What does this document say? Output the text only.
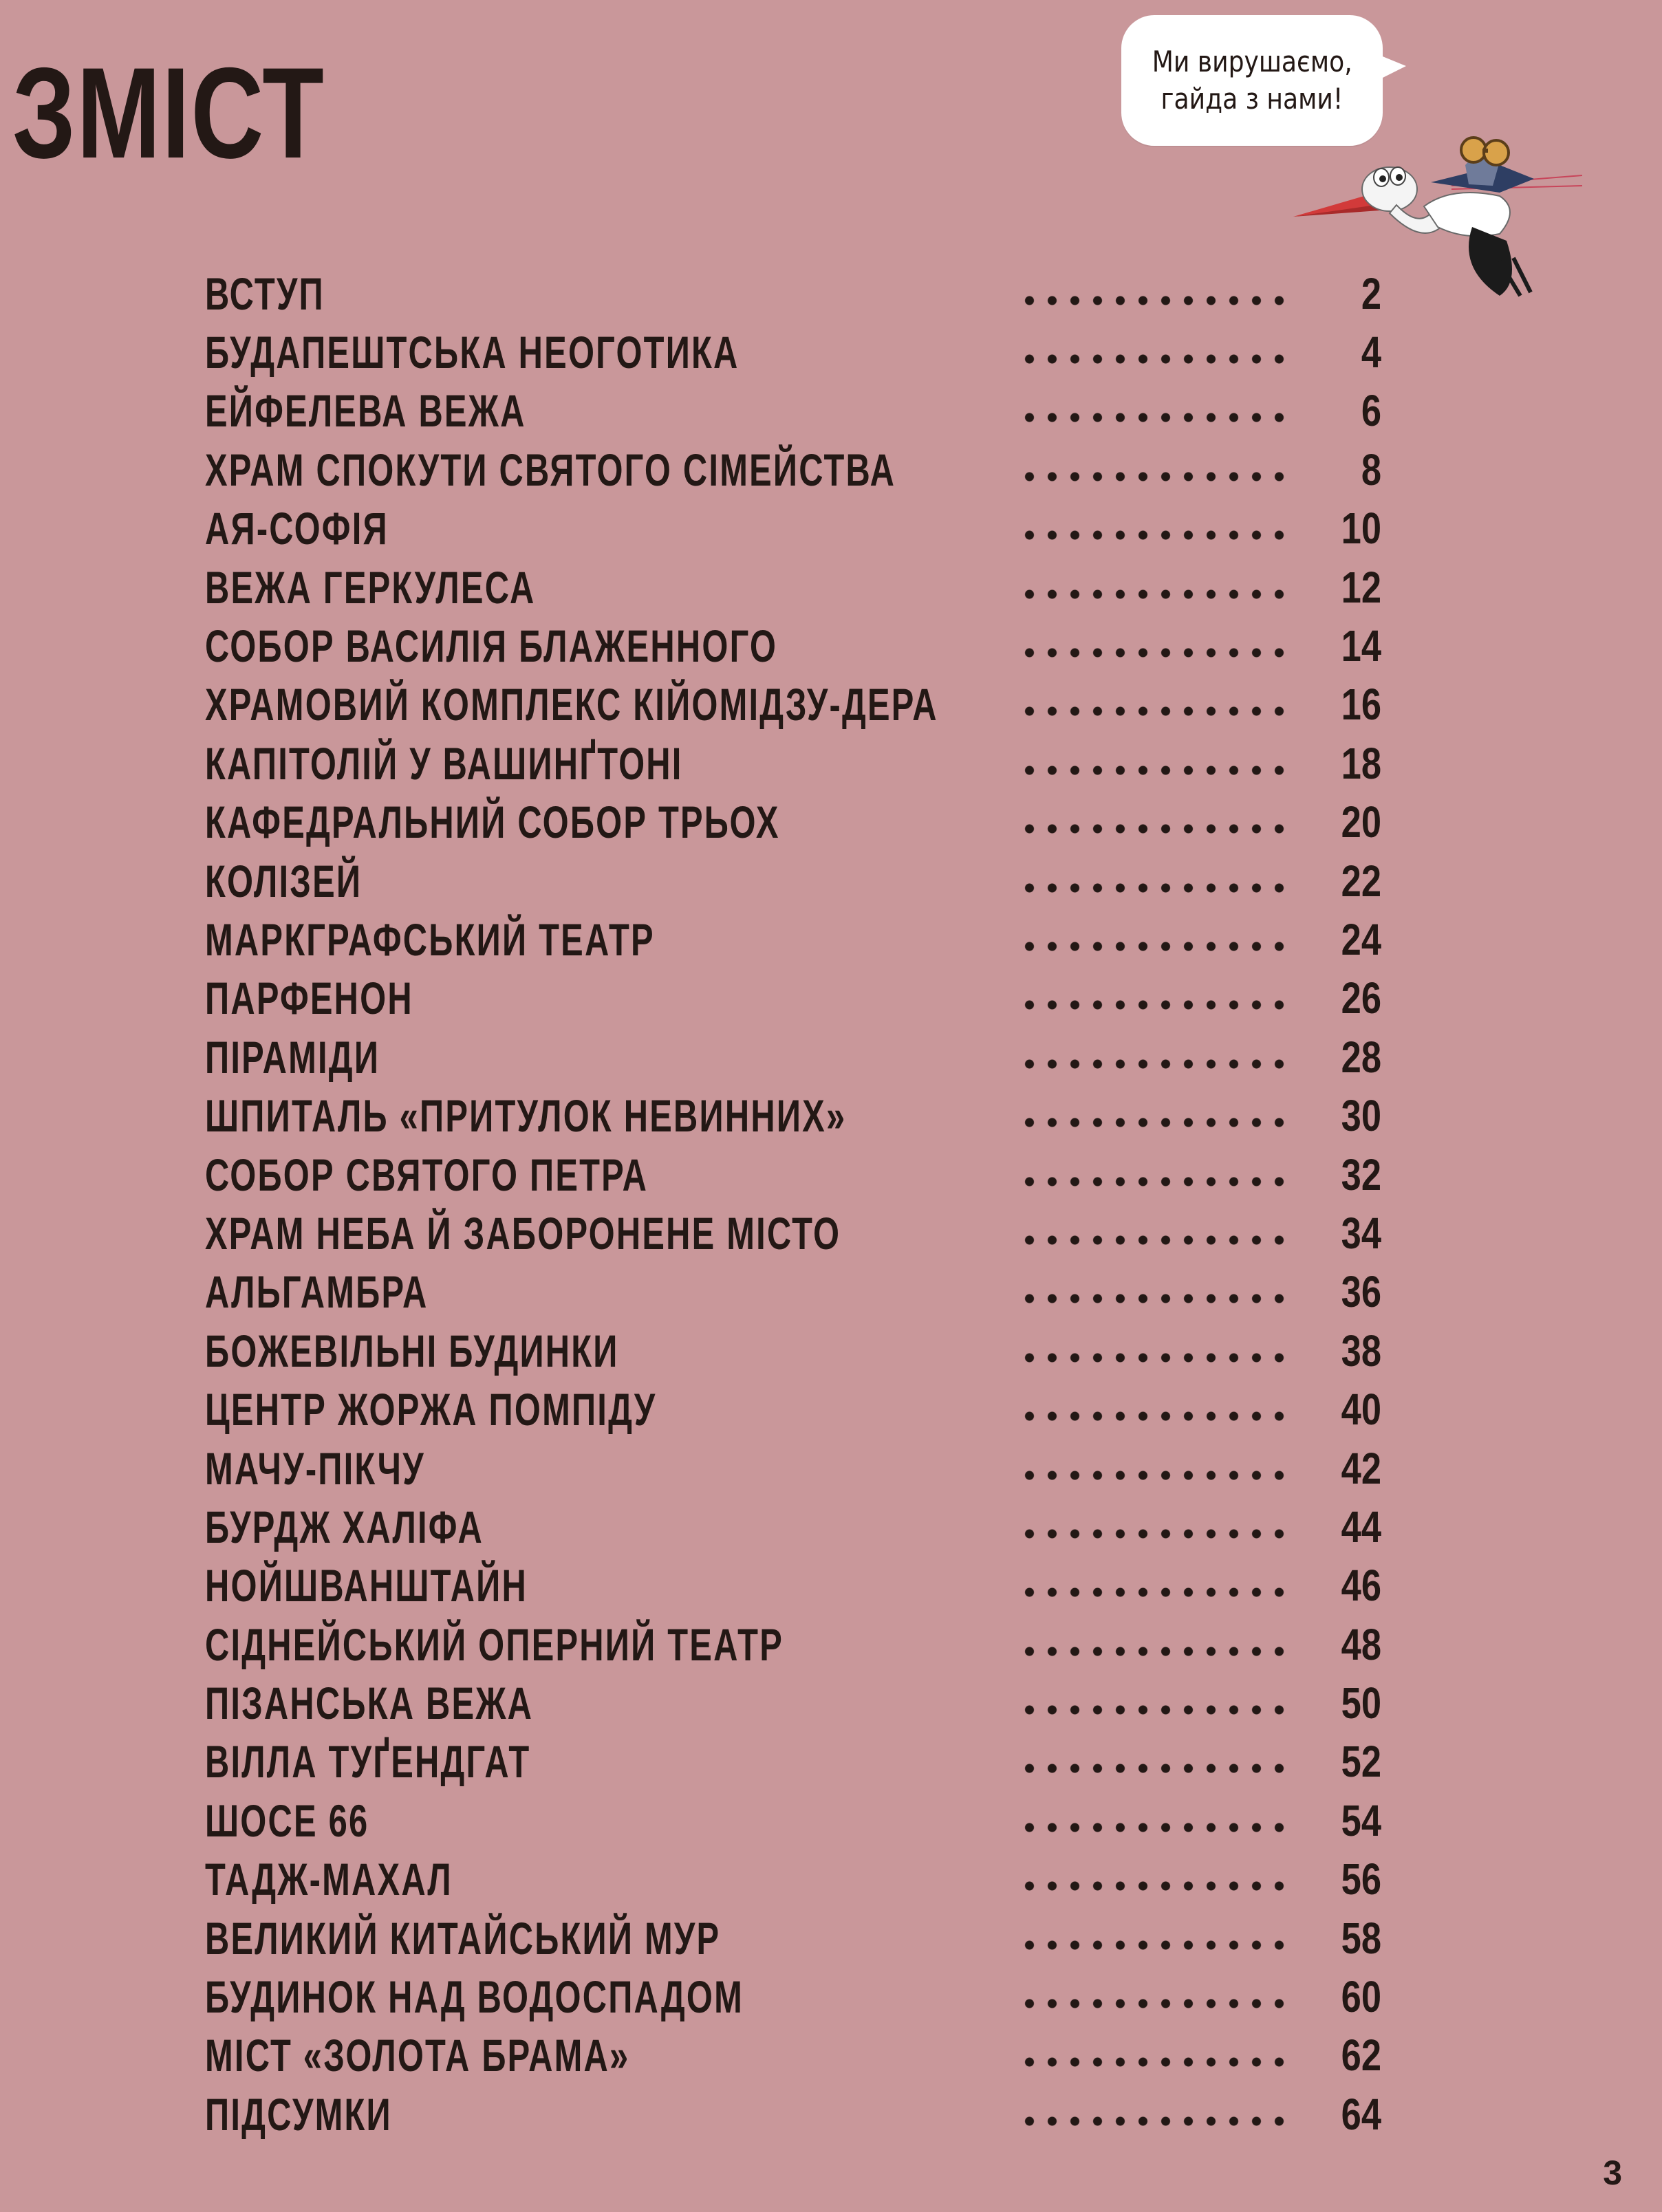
ЗМІСТ	Ми вирушаємо,
гайда з нами!
ВСТУП	2
БУДАПЕШТСЬКА НЕОГОТИКА	4
ЕЙФЕЛЕВА ВЕЖА	6
ХРАМ СПОКУТИ СВЯТОГО СІМЕЙСТВА	8
АЯ-СОФІЯ	10
ВЕЖА ГЕРКУЛЕСА	12
СОБОР ВАСИЛІЯ БЛАЖЕННОГО	14
ХРАМОВИЙ КОМПЛЕКС КІЙОМІДЗУ-ДЕРА	16
КАПІТОЛІЙ У ВАШИНҐТОНІ	18
КАФЕДРАЛЬНИЙ СОБОР ТРЬОХ	20
КОЛІЗЕЙ	22
МАРКГРАФСЬКИЙ ТЕАТР	24
ПАРФЕНОН	26
ПІРАМІДИ	28
ШПИТАЛЬ «ПРИТУЛОК НЕВИННИХ»	30
СОБОР СВЯТОГО ПЕТРА	32
ХРАМ НЕБА Й ЗАБОРОНЕНЕ МІСТО	34
АЛЬГАМБРА	36
БОЖЕВІЛЬНІ БУДИНКИ	38
ЦЕНТР ЖОРЖА ПОМПІДУ	40
МАЧУ-ПІКЧУ	42
БУРДЖ ХАЛІФА	44
НОЙШВАНШТАЙН	46
СІДНЕЙСЬКИЙ ОПЕРНИЙ ТЕАТР	48
ПІЗАНСЬКА ВЕЖА	50
ВІЛЛА ТУҐЕНДГАТ	52
ШОСЕ 66	54
ТАДЖ-МАХАЛ	56
ВЕЛИКИЙ КИТАЙСЬКИЙ МУР	58
БУДИНОК НАД ВОДОСПАДОМ	60
МІСТ «ЗОЛОТА БРАМА»	62
ПІДСУМКИ	64
3
